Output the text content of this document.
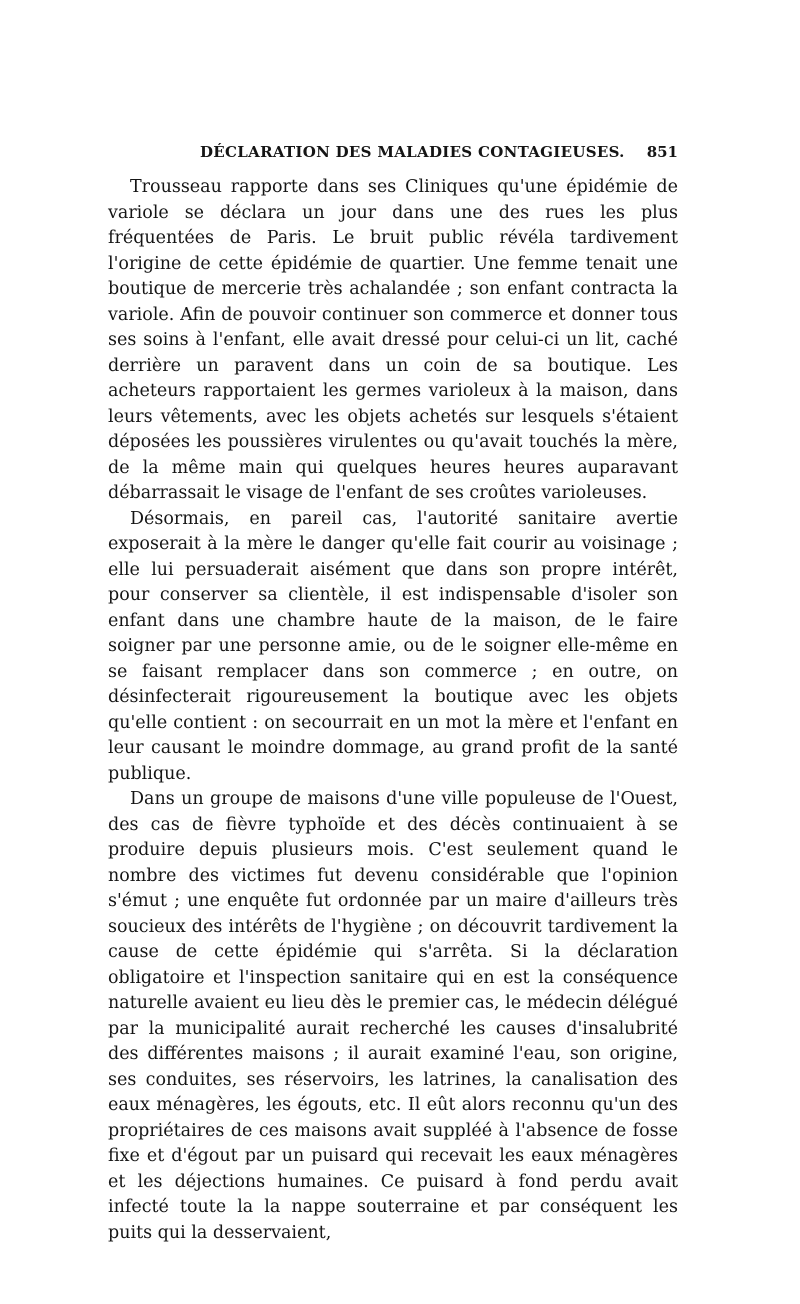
DÉCLARATION DES MALADIES CONTAGIEUSES. 851

Trousseau rapporte dans ses Cliniques qu'une épidémie de variole se déclara un jour dans une des rues les plus fréquentées de Paris. Le bruit public révéla tardivement l'origine de cette épidémie de quartier. Une femme tenait une boutique de mercerie très achalandée ; son enfant contracta la variole. Afin de pouvoir continuer son commerce et donner tous ses soins à l'enfant, elle avait dressé pour celui-ci un lit, caché derrière un paravent dans un coin de sa boutique. Les acheteurs rapportaient les germes varioleux à la maison, dans leurs vêtements, avec les objets achetés sur lesquels s'étaient déposées les poussières virulentes ou qu'avait touchés la mère, de la même main qui quelques heures heures auparavant débarrassait le visage de l'enfant de ses croûtes varioleuses.

Désormais, en pareil cas, l'autorité sanitaire avertie exposerait à la mère le danger qu'elle fait courir au voisinage ; elle lui persuaderait aisément que dans son propre intérêt, pour conserver sa clientèle, il est indispensable d'isoler son enfant dans une chambre haute de la maison, de le faire soigner par une personne amie, ou de le soigner elle-même en se faisant remplacer dans son commerce ; en outre, on désinfecterait rigoureusement la boutique avec les objets qu'elle contient : on secourrait en un mot la mère et l'enfant en leur causant le moindre dommage, au grand profit de la santé publique.

Dans un groupe de maisons d'une ville populeuse de l'Ouest, des cas de fièvre typhoïde et des décès continuaient à se produire depuis plusieurs mois. C'est seulement quand le nombre des victimes fut devenu considérable que l'opinion s'émut ; une enquête fut ordonnée par un maire d'ailleurs très soucieux des intérêts de l'hygiène ; on découvrit tardivement la cause de cette épidémie qui s'arrêta. Si la déclaration obligatoire et l'inspection sanitaire qui en est la conséquence naturelle avaient eu lieu dès le premier cas, le médecin délégué par la municipalité aurait recherché les causes d'insalubrité des différentes maisons ; il aurait examiné l'eau, son origine, ses conduites, ses réservoirs, les latrines, la canalisation des eaux ménagères, les égouts, etc. Il eût alors reconnu qu'un des propriétaires de ces maisons avait suppléé à l'absence de fosse fixe et d'égout par un puisard qui recevait les eaux ménagères et les déjections humaines. Ce puisard à fond perdu avait infecté toute la la nappe souterraine et par conséquent les puits qui la desservaient,
